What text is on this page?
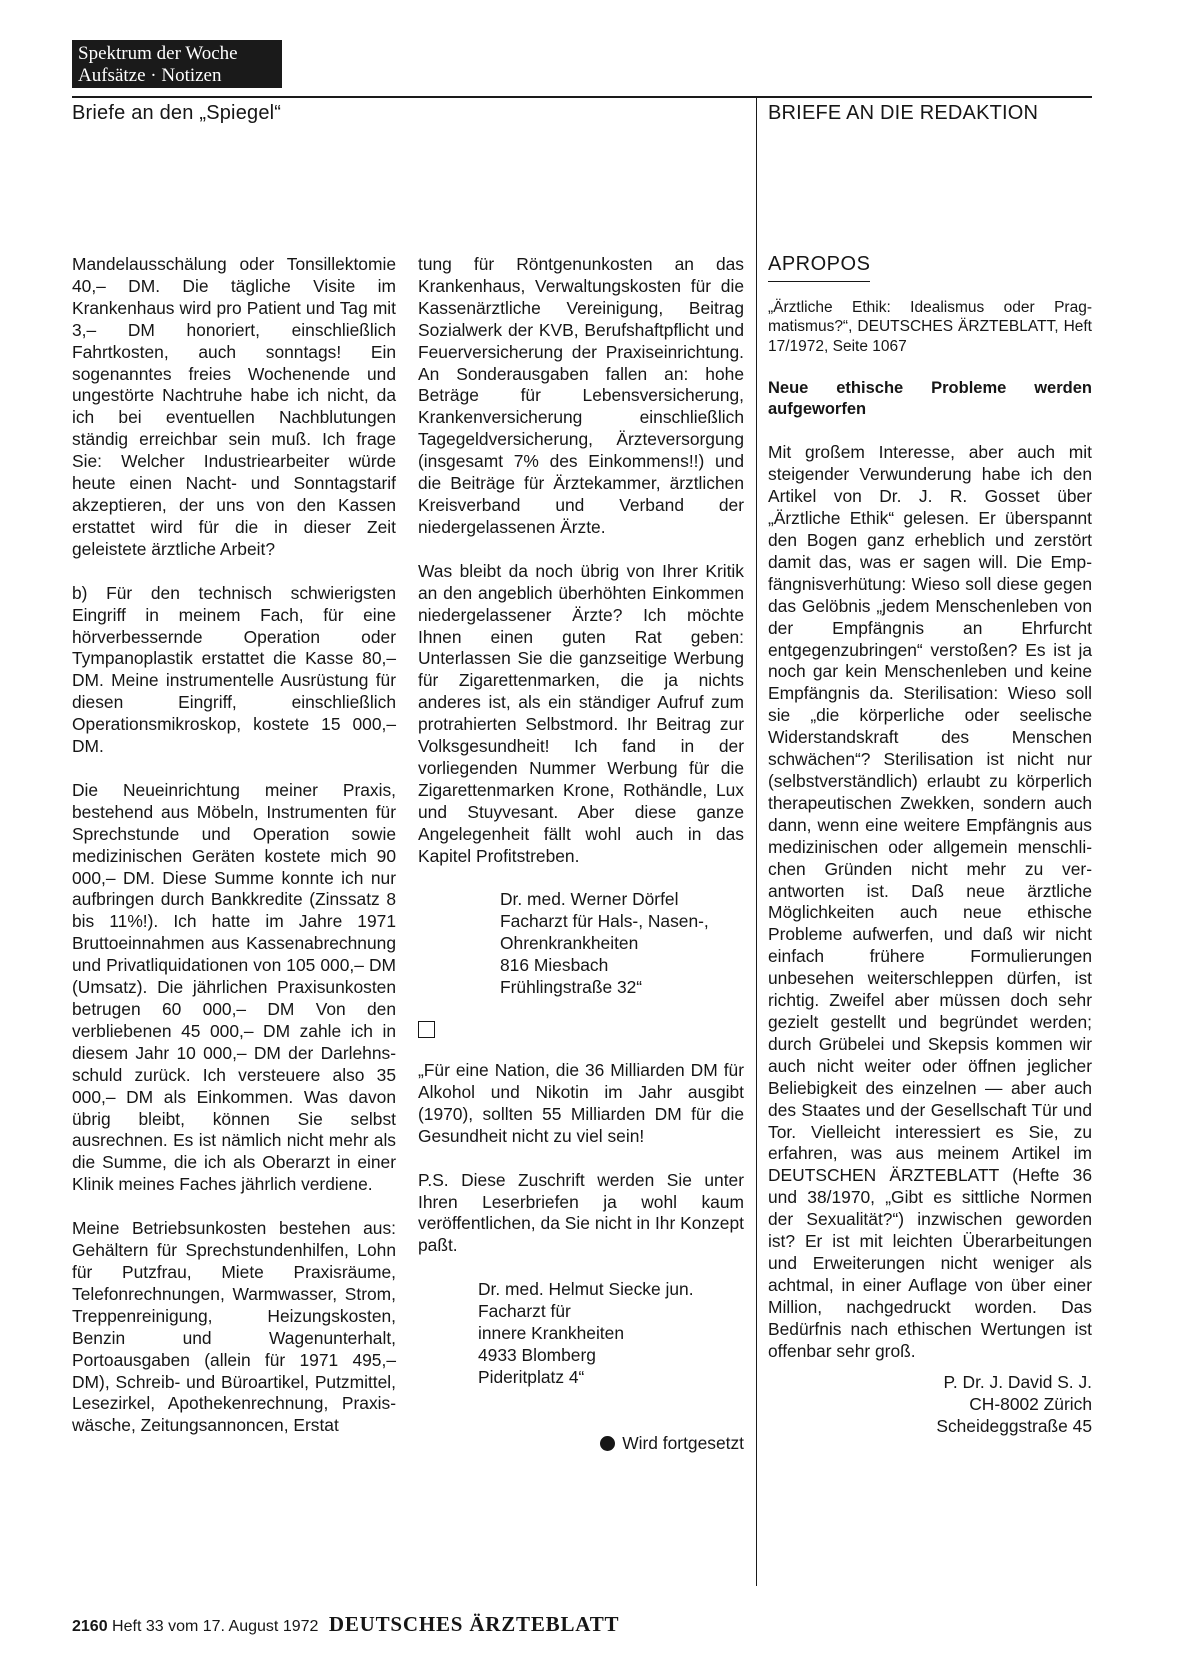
Spektrum der Woche
Aufsätze · Notizen
Briefe an den „Spiegel“	BRIEFE AN DIE REDAKTION

Mandelausschälung oder Tonsillektomie 40,– DM. Die tägliche Visite im Krankenhaus wird pro Patient und Tag mit 3,– DM honoriert, einschließlich Fahrtkosten, auch sonntags! Ein sogenanntes freies Wochenende und ungestörte Nachtruhe habe ich nicht, da ich bei eventuellen Nachblutungen ständig erreichbar sein muß. Ich frage Sie: Welcher Industriearbeiter würde heute einen Nacht- und Sonntagstarif akzeptieren, der uns von den Kassen erstattet wird für die in dieser Zeit geleistete ärztliche Arbeit?

b) Für den technisch schwierigsten Eingriff in meinem Fach, für eine hörverbessernde Operation oder Tympanoplastik erstattet die Kasse 80,– DM. Meine instrumentelle Ausrüstung für diesen Eingriff, einschließlich Operationsmikroskop, kostete 15 000,– DM.

Die Neueinrichtung meiner Praxis, bestehend aus Möbeln, Instrumenten für Sprechstunde und Operation sowie medizinischen Geräten kostete mich 90 000,– DM. Diese Summe konnte ich nur aufbringen durch Bankkredite (Zinssatz 8 bis 11%!). Ich hatte im Jahre 1971 Bruttoeinnahmen aus Kassenabrechnung und Privatliquidationen von 105 000,– DM (Umsatz). Die jährlichen Praxisunkosten betrugen 60 000,– DM Von den verbliebenen 45 000,– DM zahle ich in diesem Jahr 10 000,– DM der Darlehnsschuld zurück. Ich versteuere also 35 000,– DM als Einkommen. Was davon übrig bleibt, können Sie selbst ausrechnen. Es ist nämlich nicht mehr als die Summe, die ich als Oberarzt in einer Klinik meines Faches jährlich verdiene.

Meine Betriebsunkosten bestehen aus: Gehältern für Sprechstundenhilfen, Lohn für Putzfrau, Miete Praxisräume, Telefonrechnungen, Warmwasser, Strom, Treppenreinigung, Heizungskosten, Benzin und Wagenunterhalt, Portoausgaben (allein für 1971 495,– DM), Schreib- und Büroartikel, Putzmittel, Lesezirkel, Apothekenrechnung, Praxiswäsche, Zeitungsannoncen, Erstat

tung für Röntgenunkosten an das Krankenhaus, Verwaltungskosten für die Kassenärztliche Vereinigung, Beitrag Sozialwerk der KVB, Berufshaftpflicht und Feuerversicherung der Praxiseinrichtung. An Sonderausgaben fallen an: hohe Beträge für Lebensversicherung, Krankenversicherung einschließlich Tagegeldversicherung, Ärzteversorgung (insgesamt 7% des Einkommens!!) und die Beiträge für Ärztekammer, ärztlichen Kreisverband und Verband der niedergelassenen Ärzte.

Was bleibt da noch übrig von Ihrer Kritik an den angeblich überhöhten Einkommen niedergelassener Ärzte? Ich möchte Ihnen einen guten Rat geben: Unterlassen Sie die ganzseitige Werbung für Zigarettenmarken, die ja nichts anderes ist, als ein ständiger Aufruf zum protrahierten Selbstmord. Ihr Beitrag zur Volksgesundheit! Ich fand in der vorliegenden Nummer Werbung für die Zigarettenmarken Krone, Rothändle, Lux und Stuyvesant. Aber diese ganze Angelegenheit fällt wohl auch in das Kapitel Profitstreben.

Dr. med. Werner Dörfel
Facharzt für Hals-, Nasen-,
Ohrenkrankheiten
816 Miesbach
Frühlingstraße 32“

„Für eine Nation, die 36 Milliarden DM für Alkohol und Nikotin im Jahr ausgibt (1970), sollten 55 Milliarden DM für die Gesundheit nicht zu viel sein!

P.S. Diese Zuschrift werden Sie unter Ihren Leserbriefen ja wohl kaum veröffentlichen, da Sie nicht in Ihr Konzept paßt.

Dr. med. Helmut Siecke jun.
Facharzt für
innere Krankheiten
4933 Blomberg
Pideritplatz 4“
Wird fortgesetzt
APROPOS

„Ärztliche Ethik: Idealismus oder Pragmatismus?“, DEUTSCHES ÄRZTEBLATT, Heft 17/1972, Seite 1067

Neue ethische Probleme werden aufgeworfen

Mit großem Interesse, aber auch mit steigender Verwunderung habe ich den Artikel von Dr. J. R. Gosset über „Ärztliche Ethik“ gelesen. Er überspannt den Bogen ganz erheblich und zerstört damit das, was er sagen will. Die Empfängnisverhütung: Wieso soll diese gegen das Gelöbnis „jedem Menschenleben von der Empfängnis an Ehrfurcht entgegenzubringen“ verstoßen? Es ist ja noch gar kein Menschenleben und keine Empfängnis da. Sterilisation: Wieso soll sie „die körperliche oder seelische Widerstandskraft des Menschen schwächen“? Sterilisation ist nicht nur (selbstverständlich) erlaubt zu körperlich therapeutischen Zwekken, sondern auch dann, wenn eine weitere Empfängnis aus medizinischen oder allgemein menschlichen Gründen nicht mehr zu verantworten ist. Daß neue ärztliche Möglichkeiten auch neue ethische Probleme aufwerfen, und daß wir nicht einfach frühere Formulierungen unbesehen weiterschleppen dürfen, ist richtig. Zweifel aber müssen doch sehr gezielt gestellt und begründet werden; durch Grübelei und Skepsis kommen wir auch nicht weiter oder öffnen jeglicher Beliebigkeit des einzelnen — aber auch des Staates und der Gesellschaft Tür und Tor. Vielleicht interessiert es Sie, zu erfahren, was aus meinem Artikel im DEUTSCHEN ÄRZTEBLATT (Hefte 36 und 38/1970, „Gibt es sittliche Normen der Sexualität?“) inzwischen geworden ist? Er ist mit leichten Überarbeitungen und Erweiterungen nicht weniger als achtmal, in einer Auflage von über einer Million, nachgedruckt worden. Das Bedürfnis nach ethischen Wertungen ist offenbar sehr groß.

P. Dr. J. David S. J.
CH-8002 Zürich
Scheideggstraße 45
2160 Heft 33 vom 17. August 1972 DEUTSCHES ÄRZTEBLATT
